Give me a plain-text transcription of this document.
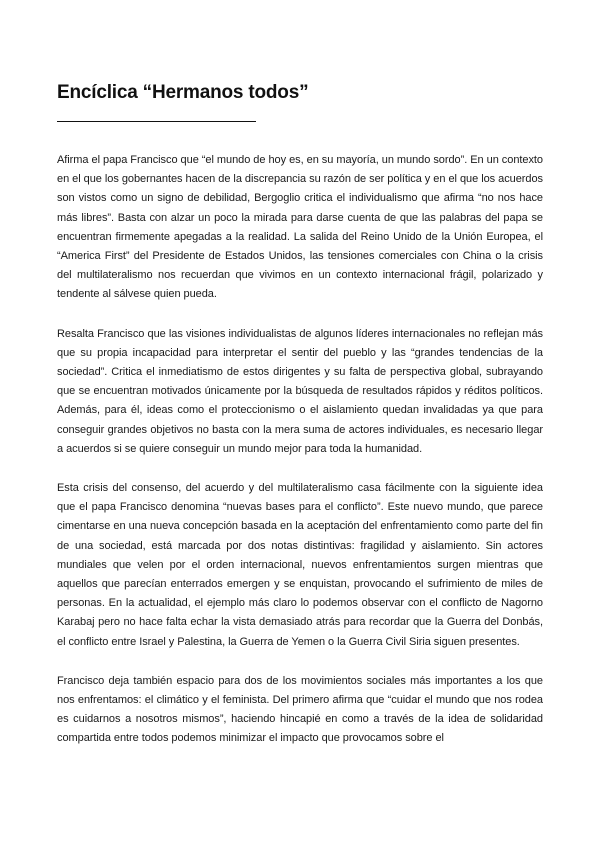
Encíclica “Hermanos todos”

Afirma el papa Francisco que “el mundo de hoy es, en su mayoría, un mundo sordo”. En un contexto en el que los gobernantes hacen de la discrepancia su razón de ser política y en el que los acuerdos son vistos como un signo de debilidad, Bergoglio critica el individualismo que afirma “no nos hace más libres”. Basta con alzar un poco la mirada para darse cuenta de que las palabras del papa se encuentran firmemente apegadas a la realidad. La salida del Reino Unido de la Unión Europea, el “America First” del Presidente de Estados Unidos, las tensiones comerciales con China o la crisis del multilateralismo nos recuerdan que vivimos en un contexto internacional frágil, polarizado y tendente al sálvese quien pueda.

Resalta Francisco que las visiones individualistas de algunos líderes internacionales no reflejan más que su propia incapacidad para interpretar el sentir del pueblo y las “grandes tendencias de la sociedad”. Critica el inmediatismo de estos dirigentes y su falta de perspectiva global, subrayando que se encuentran motivados únicamente por la búsqueda de resultados rápidos y réditos políticos. Además, para él, ideas como el proteccionismo o el aislamiento quedan invalidadas ya que para conseguir grandes objetivos no basta con la mera suma de actores individuales, es necesario llegar a acuerdos si se quiere conseguir un mundo mejor para toda la humanidad.

Esta crisis del consenso, del acuerdo y del multilateralismo casa fácilmente con la siguiente idea que el papa Francisco denomina “nuevas bases para el conflicto”. Este nuevo mundo, que parece cimentarse en una nueva concepción basada en la aceptación del enfrentamiento como parte del fin de una sociedad, está marcada por dos notas distintivas: fragilidad y aislamiento. Sin actores mundiales que velen por el orden internacional, nuevos enfrentamientos surgen mientras que aquellos que parecían enterrados emergen y se enquistan, provocando el sufrimiento de miles de personas. En la actualidad, el ejemplo más claro lo podemos observar con el conflicto de Nagorno Karabaj pero no hace falta echar la vista demasiado atrás para recordar que la Guerra del Donbás, el conflicto entre Israel y Palestina, la Guerra de Yemen o la Guerra Civil Siria siguen presentes.

Francisco deja también espacio para dos de los movimientos sociales más importantes a los que nos enfrentamos: el climático y el feminista. Del primero afirma que “cuidar el mundo que nos rodea es cuidarnos a nosotros mismos”, haciendo hincapié en como a través de la idea de solidaridad compartida entre todos podemos minimizar el impacto que provocamos sobre el
